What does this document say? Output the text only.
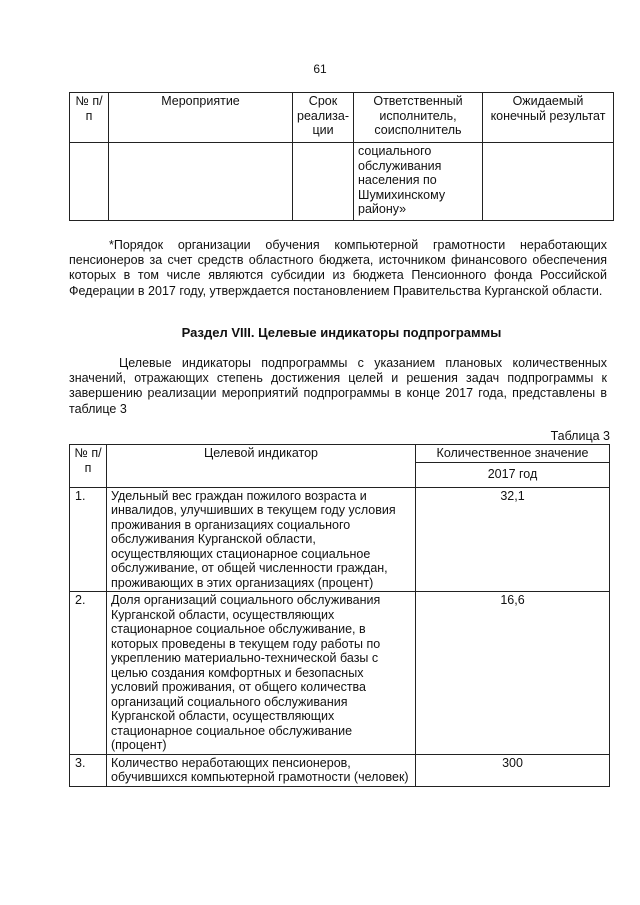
61
№ п/п	Мероприятие	Срок реализа-ции	Ответственный исполнитель, соисполнитель	Ожидаемый конечный результат
			социального обслуживания населения по Шумихинскому району»	

*Порядок организации обучения компьютерной грамотности неработающих пенсионеров за счет средств областного бюджета, источником финансового обеспечения которых в том числе являются субсидии из бюджета Пенсионного фонда Российской Федерации в 2017 году, утверждается постановлением Правительства Курганской области.

Раздел VIII. Целевые индикаторы подпрограммы

Целевые индикаторы подпрограммы с указанием плановых количественных значений, отражающих степень достижения целей и решения задач подпрограммы к завершению реализации мероприятий подпрограммы в конце 2017 года, представлены в таблице 3

Таблица 3

№ п/п	Целевой индикатор	Количественное значение
		2017 год
1.	Удельный вес граждан пожилого возраста и инвалидов, улучшивших в текущем году условия проживания в организациях социального обслуживания Курганской области, осуществляющих стационарное социальное обслуживание, от общей численности граждан, проживающих в этих организациях (процент)	32,1
2.	Доля организаций социального обслуживания Курганской области, осуществляющих стационарное социальное обслуживание, в которых проведены в текущем году работы по укреплению материально-технической базы с целью создания комфортных и безопасных условий проживания, от общего количества организаций социального обслуживания Курганской области, осуществляющих стационарное социальное обслуживание (процент)	16,6
3.	Количество неработающих пенсионеров, обучившихся компьютерной грамотности (человек)	300
